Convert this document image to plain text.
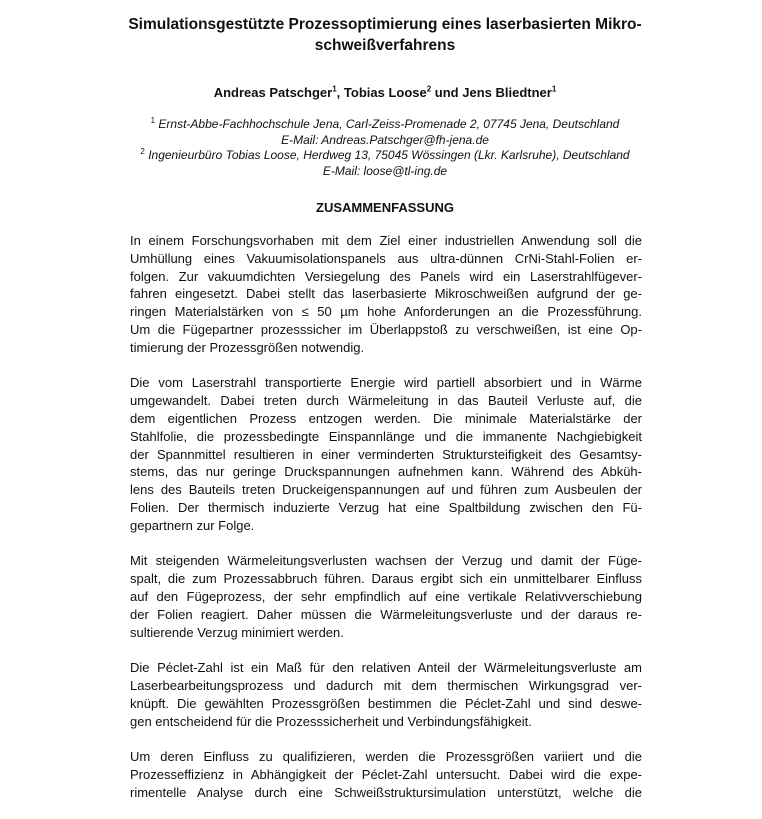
Simulationsgestützte Prozessoptimierung eines laserbasierten Mikro-
schweißverfahrens
Andreas Patschger$^1$, Tobias Loose$^2$ und Jens Bliedtner$^1$
$^1$ Ernst-Abbe-Fachhochschule Jena, Carl-Zeiss-Promenade 2, 07745 Jena, Deutschland
E-Mail: Andreas.Patschger@fh-jena.de
$^2$ Ingenieurbüro Tobias Loose, Herdweg 13, 75045 Wössingen (Lkr. Karlsruhe), Deutschland
E-Mail: loose@tl-ing.de
ZUSAMMENFASSUNG
In einem Forschungsvorhaben mit dem Ziel einer industriellen Anwendung soll die
Umhüllung eines Vakuumisolationspanels aus ultra-dünnen CrNi-Stahl-Folien er-
folgen. Zur vakuumdichten Versiegelung des Panels wird ein Laserstrahlfügever-
fahren eingesetzt. Dabei stellt das laserbasierte Mikroschweißen aufgrund der ge-
ringen Materialstärken von ≤ 50 µm hohe Anforderungen an die Prozessführung.
Um die Fügepartner prozesssicher im Überlappstoß zu verschweißen, ist eine Op-
timierung der Prozessgrößen notwendig.
Die vom Laserstrahl transportierte Energie wird partiell absorbiert und in Wärme
umgewandelt. Dabei treten durch Wärmeleitung in das Bauteil Verluste auf, die
dem eigentlichen Prozess entzogen werden. Die minimale Materialstärke der
Stahlfolie, die prozessbedingte Einspannlänge und die immanente Nachgiebigkeit
der Spannmittel resultieren in einer verminderten Struktursteifigkeit des Gesamtsy-
stems, das nur geringe Druckspannungen aufnehmen kann. Während des Abküh-
lens des Bauteils treten Druckeigenspannungen auf und führen zum Ausbeulen der
Folien. Der thermisch induzierte Verzug hat eine Spaltbildung zwischen den Fü-
gepartnern zur Folge.
Mit steigenden Wärmeleitungsverlusten wachsen der Verzug und damit der Füge-
spalt, die zum Prozessabbruch führen. Daraus ergibt sich ein unmittelbarer Einfluss
auf den Fügeprozess, der sehr empfindlich auf eine vertikale Relativverschiebung
der Folien reagiert. Daher müssen die Wärmeleitungsverluste und der daraus re-
sultierende Verzug minimiert werden.
Die Péclet-Zahl ist ein Maß für den relativen Anteil der Wärmeleitungsverluste am
Laserbearbeitungsprozess und dadurch mit dem thermischen Wirkungsgrad ver-
knüpft. Die gewählten Prozessgrößen bestimmen die Péclet-Zahl und sind deswe-
gen entscheidend für die Prozesssicherheit und Verbindungsfähigkeit.
Um deren Einfluss zu qualifizieren, werden die Prozessgrößen variiert und die
Prozesseffizienz in Abhängigkeit der Péclet-Zahl untersucht. Dabei wird die expe-
rimentelle Analyse durch eine Schweißstruktursimulation unterstützt, welche die
